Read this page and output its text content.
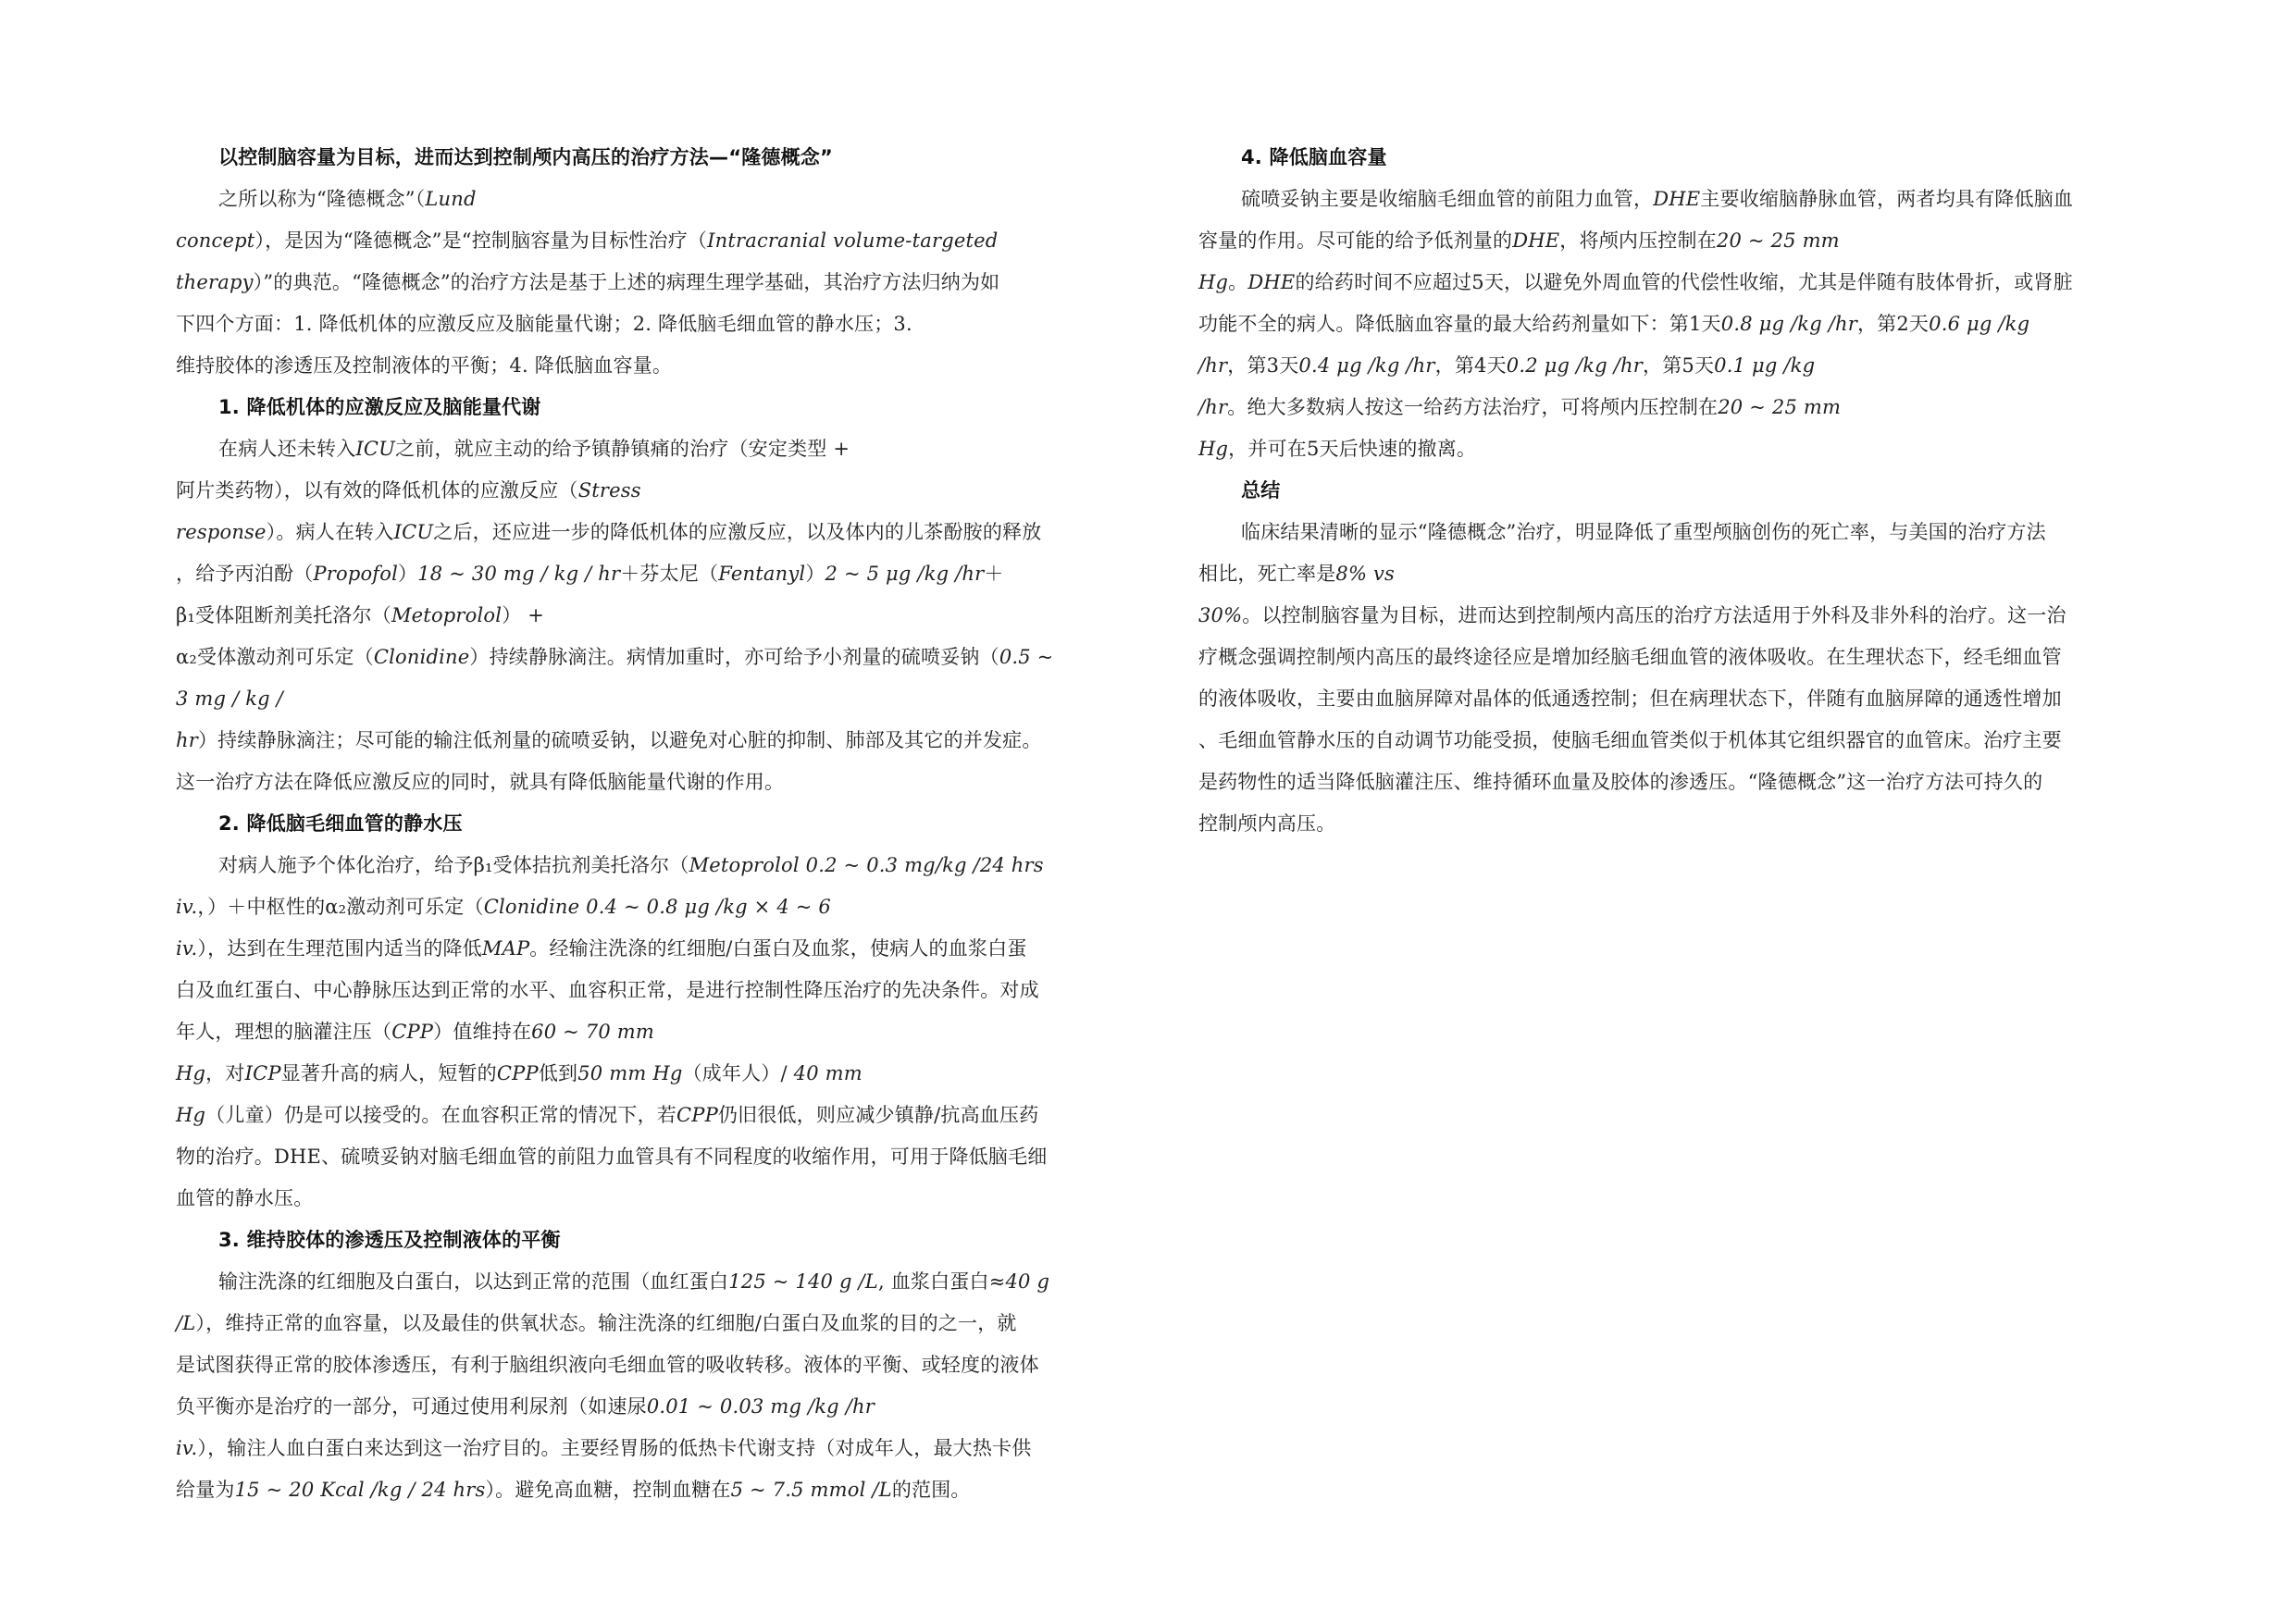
以控制脑容量为目标，进而达到控制颅内高压的治疗方法—“隆德概念”
之所以称为“隆德概念”（Lund
concept），是因为“隆德概念”是“控制脑容量为目标性治疗（Intracranial volume-targeted
therapy）”的典范。“隆德概念”的治疗方法是基于上述的病理生理学基础，其治疗方法归纳为如
下四个方面：1. 降低机体的应激反应及脑能量代谢；2. 降低脑毛细血管的静水压；3.
维持胶体的渗透压及控制液体的平衡；4. 降低脑血容量。
1. 降低机体的应激反应及脑能量代谢
在病人还未转入ICU之前，就应主动的给予镇静镇痛的治疗（安定类型 +
阿片类药物），以有效的降低机体的应激反应（Stress
response）。病人在转入ICU之后，还应进一步的降低机体的应激反应，以及体内的儿茶酚胺的释放
，给予丙泊酚（Propofol）18 ~ 30 mg / kg / hr＋芬太尼（Fentanyl）2 ~ 5 μg /kg /hr＋
β₁受体阻断剂美托洛尔（Metoprolol） +
α₂受体激动剂可乐定（Clonidine）持续静脉滴注。病情加重时，亦可给予小剂量的硫喷妥钠（0.5 ~
3 mg / kg /
hr）持续静脉滴注；尽可能的输注低剂量的硫喷妥钠，以避免对心脏的抑制、肺部及其它的并发症。
这一治疗方法在降低应激反应的同时，就具有降低脑能量代谢的作用。
2. 降低脑毛细血管的静水压
对病人施予个体化治疗，给予β₁受体拮抗剂美托洛尔（Metoprolol 0.2 ~ 0.3 mg/kg /24 hrs
iv.，）＋中枢性的α₂激动剂可乐定（Clonidine 0.4 ~ 0.8 μg /kg × 4 ~ 6
iv.），达到在生理范围内适当的降低MAP。经输注洗涤的红细胞/白蛋白及血浆，使病人的血浆白蛋
白及血红蛋白、中心静脉压达到正常的水平、血容积正常，是进行控制性降压治疗的先决条件。对成
年人，理想的脑灌注压（CPP）值维持在60 ~ 70 mm
Hg，对ICP显著升高的病人，短暂的CPP低到50 mm Hg（成年人）/ 40 mm
Hg（儿童）仍是可以接受的。在血容积正常的情况下，若CPP仍旧很低，则应减少镇静/抗高血压药
物的治疗。DHE、硫喷妥钠对脑毛细血管的前阻力血管具有不同程度的收缩作用，可用于降低脑毛细
血管的静水压。
3. 维持胶体的渗透压及控制液体的平衡
输注洗涤的红细胞及白蛋白，以达到正常的范围（血红蛋白125 ~ 140 g /L, 血浆白蛋白≈40 g
/L），维持正常的血容量，以及最佳的供氧状态。输注洗涤的红细胞/白蛋白及血浆的目的之一，就
是试图获得正常的胶体渗透压，有利于脑组织液向毛细血管的吸收转移。液体的平衡、或轻度的液体
负平衡亦是治疗的一部分，可通过使用利尿剂（如速尿0.01 ~ 0.03 mg /kg /hr
iv.），输注人血白蛋白来达到这一治疗目的。主要经胃肠的低热卡代谢支持（对成年人，最大热卡供
给量为15 ~ 20 Kcal /kg / 24 hrs）。避免高血糖，控制血糖在5 ~ 7.5 mmol /L的范围。
4. 降低脑血容量
硫喷妥钠主要是收缩脑毛细血管的前阻力血管，DHE主要收缩脑静脉血管，两者均具有降低脑血
容量的作用。尽可能的给予低剂量的DHE，将颅内压控制在20 ~ 25 mm
Hg。DHE的给药时间不应超过5天，以避免外周血管的代偿性收缩，尤其是伴随有肢体骨折，或肾脏
功能不全的病人。降低脑血容量的最大给药剂量如下：第1天0.8 μg /kg /hr，第2天0.6 μg /kg
/hr，第3天0.4 μg /kg /hr，第4天0.2 μg /kg /hr，第5天0.1 μg /kg
/hr。绝大多数病人按这一给药方法治疗，可将颅内压控制在20 ~ 25 mm
Hg，并可在5天后快速的撤离。
总结
临床结果清晰的显示“隆德概念”治疗，明显降低了重型颅脑创伤的死亡率，与美国的治疗方法
相比，死亡率是8% vs
30%。以控制脑容量为目标，进而达到控制颅内高压的治疗方法适用于外科及非外科的治疗。这一治
疗概念强调控制颅内高压的最终途径应是增加经脑毛细血管的液体吸收。在生理状态下，经毛细血管
的液体吸收，主要由血脑屏障对晶体的低通透控制；但在病理状态下，伴随有血脑屏障的通透性增加
、毛细血管静水压的自动调节功能受损，使脑毛细血管类似于机体其它组织器官的血管床。治疗主要
是药物性的适当降低脑灌注压、维持循环血量及胶体的渗透压。“隆德概念”这一治疗方法可持久的
控制颅内高压。
